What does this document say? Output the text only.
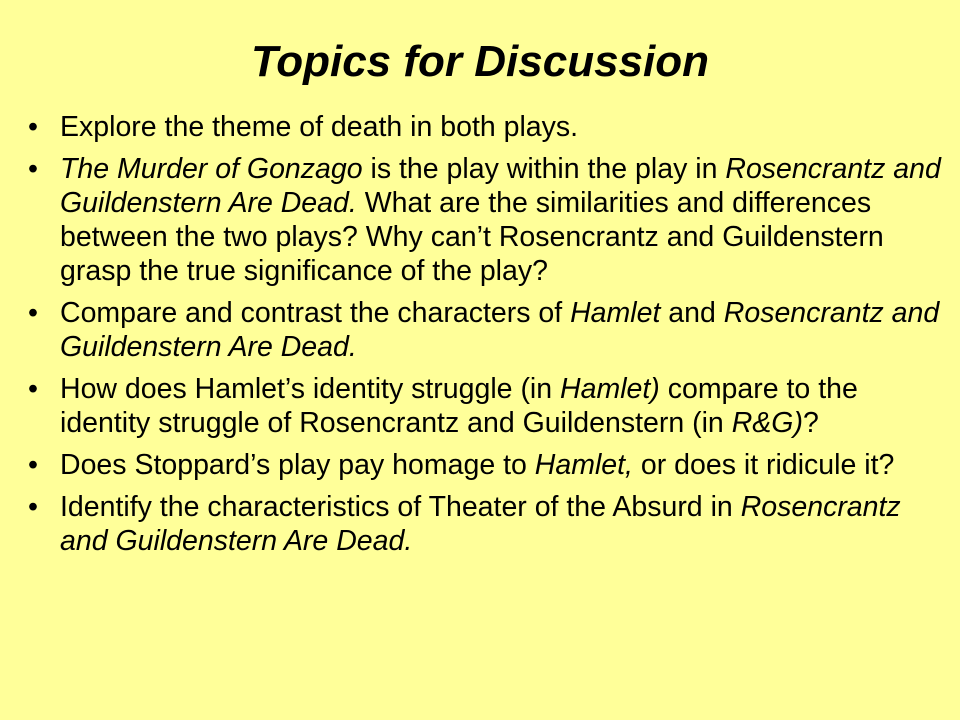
Topics for Discussion
• Explore the theme of death in both plays.
• The Murder of Gonzago is the play within the play in Rosencrantz and Guildenstern Are Dead. What are the similarities and differences between the two plays? Why can’t Rosencrantz and Guildenstern grasp the true significance of the play?
• Compare and contrast the characters of Hamlet and Rosencrantz and Guildenstern Are Dead.
• How does Hamlet’s identity struggle (in Hamlet) compare to the identity struggle of Rosencrantz and Guildenstern (in R&G)?
• Does Stoppard’s play pay homage to Hamlet, or does it ridicule it?
• Identify the characteristics of Theater of the Absurd in Rosencrantz and Guildenstern Are Dead.
